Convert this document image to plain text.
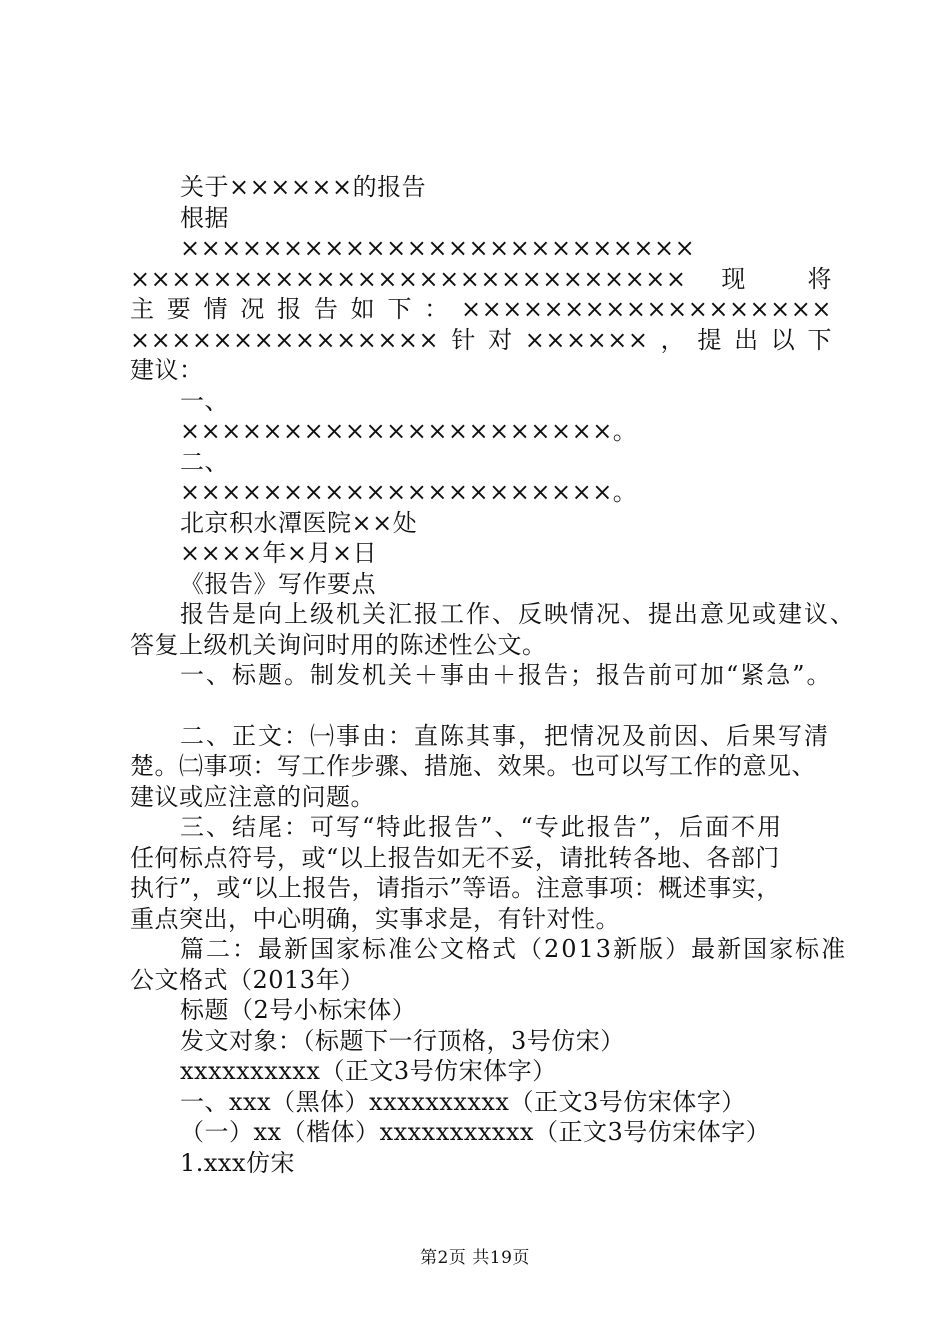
关于××××××的报告
根据
×××××××××××××××××××××××××
××××××××××××××××××××××××××× 现 将
主要情况报告如下：××××××××××××××××××
×××××××××××××××针对××××××，提出以下
建议：
一、
×××××××××××××××××××××。
二、
×××××××××××××××××××××。
北京积水潭医院××处
××××年×月×日
《报告》写作要点
报告是向上级机关汇报工作、反映情况、提出意见或建议、
答复上级机关询问时用的陈述性公文。
一、标题。制发机关＋事由＋报告；报告前可加“紧急”。
二、正文：㈠事由：直陈其事，把情况及前因、后果写清
楚。㈡事项：写工作步骤、措施、效果。也可以写工作的意见、
建议或应注意的问题。
三、结尾：可写“特此报告”、“专此报告”，后面不用
任何标点符号，或“以上报告如无不妥，请批转各地、各部门
执行”，或“以上报告，请指示”等语。注意事项：概述事实，
重点突出，中心明确，实事求是，有针对性。
篇二：最新国家标准公文格式（2013新版）最新国家标准
公文格式（2013年）
标题（2号小标宋体）
发文对象：（标题下一行顶格，3号仿宋）
xxxxxxxxxx（正文3号仿宋体字）
一、xxx（黑体）xxxxxxxxxx（正文3号仿宋体字）
（一）xx（楷体）xxxxxxxxxxx（正文3号仿宋体字）
1.xxx仿宋
第2页 共19页
